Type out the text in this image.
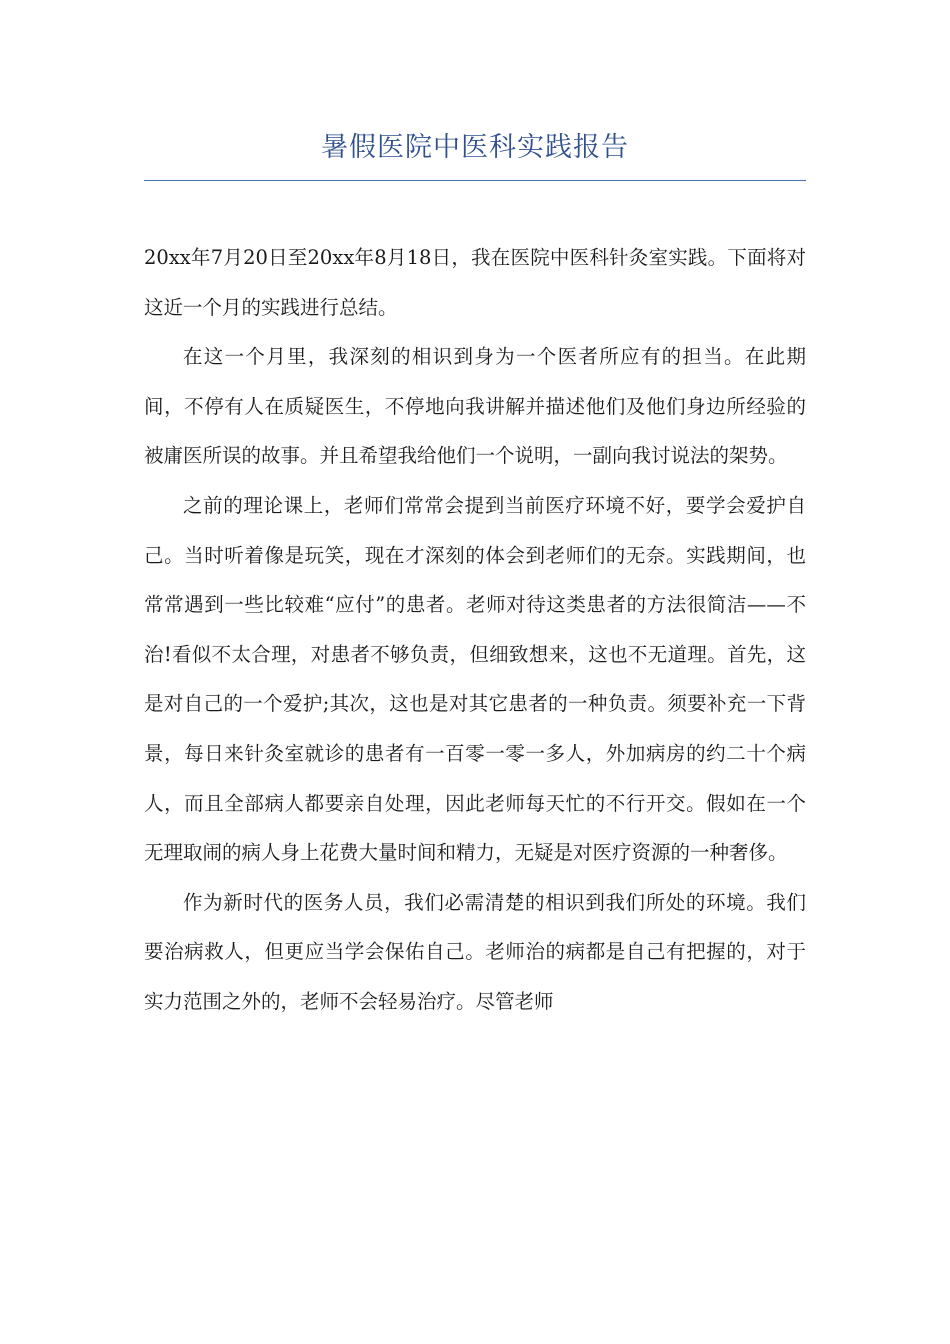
暑假医院中医科实践报告

20xx年7月20日至20xx年8月18日，我在医院中医科针灸室实践。下面将对这近一个月的实践进行总结。

在这一个月里，我深刻的相识到身为一个医者所应有的担当。在此期间，不停有人在质疑医生，不停地向我讲解并描述他们及他们身边所经验的被庸医所误的故事。并且希望我给他们一个说明，一副向我讨说法的架势。

之前的理论课上，老师们常常会提到当前医疗环境不好，要学会爱护自己。当时听着像是玩笑，现在才深刻的体会到老师们的无奈。实践期间，也常常遇到一些比较难“应付”的患者。老师对待这类患者的方法很简洁——不治!看似不太合理，对患者不够负责，但细致想来，这也不无道理。首先，这是对自己的一个爱护;其次，这也是对其它患者的一种负责。须要补充一下背景，每日来针灸室就诊的患者有一百零一零一多人，外加病房的约二十个病人，而且全部病人都要亲自处理，因此老师每天忙的不行开交。假如在一个无理取闹的病人身上花费大量时间和精力，无疑是对医疗资源的一种奢侈。

作为新时代的医务人员，我们必需清楚的相识到我们所处的环境。我们要治病救人，但更应当学会保佑自己。老师治的病都是自己有把握的，对于实力范围之外的，老师不会轻易治疗。尽管老师
